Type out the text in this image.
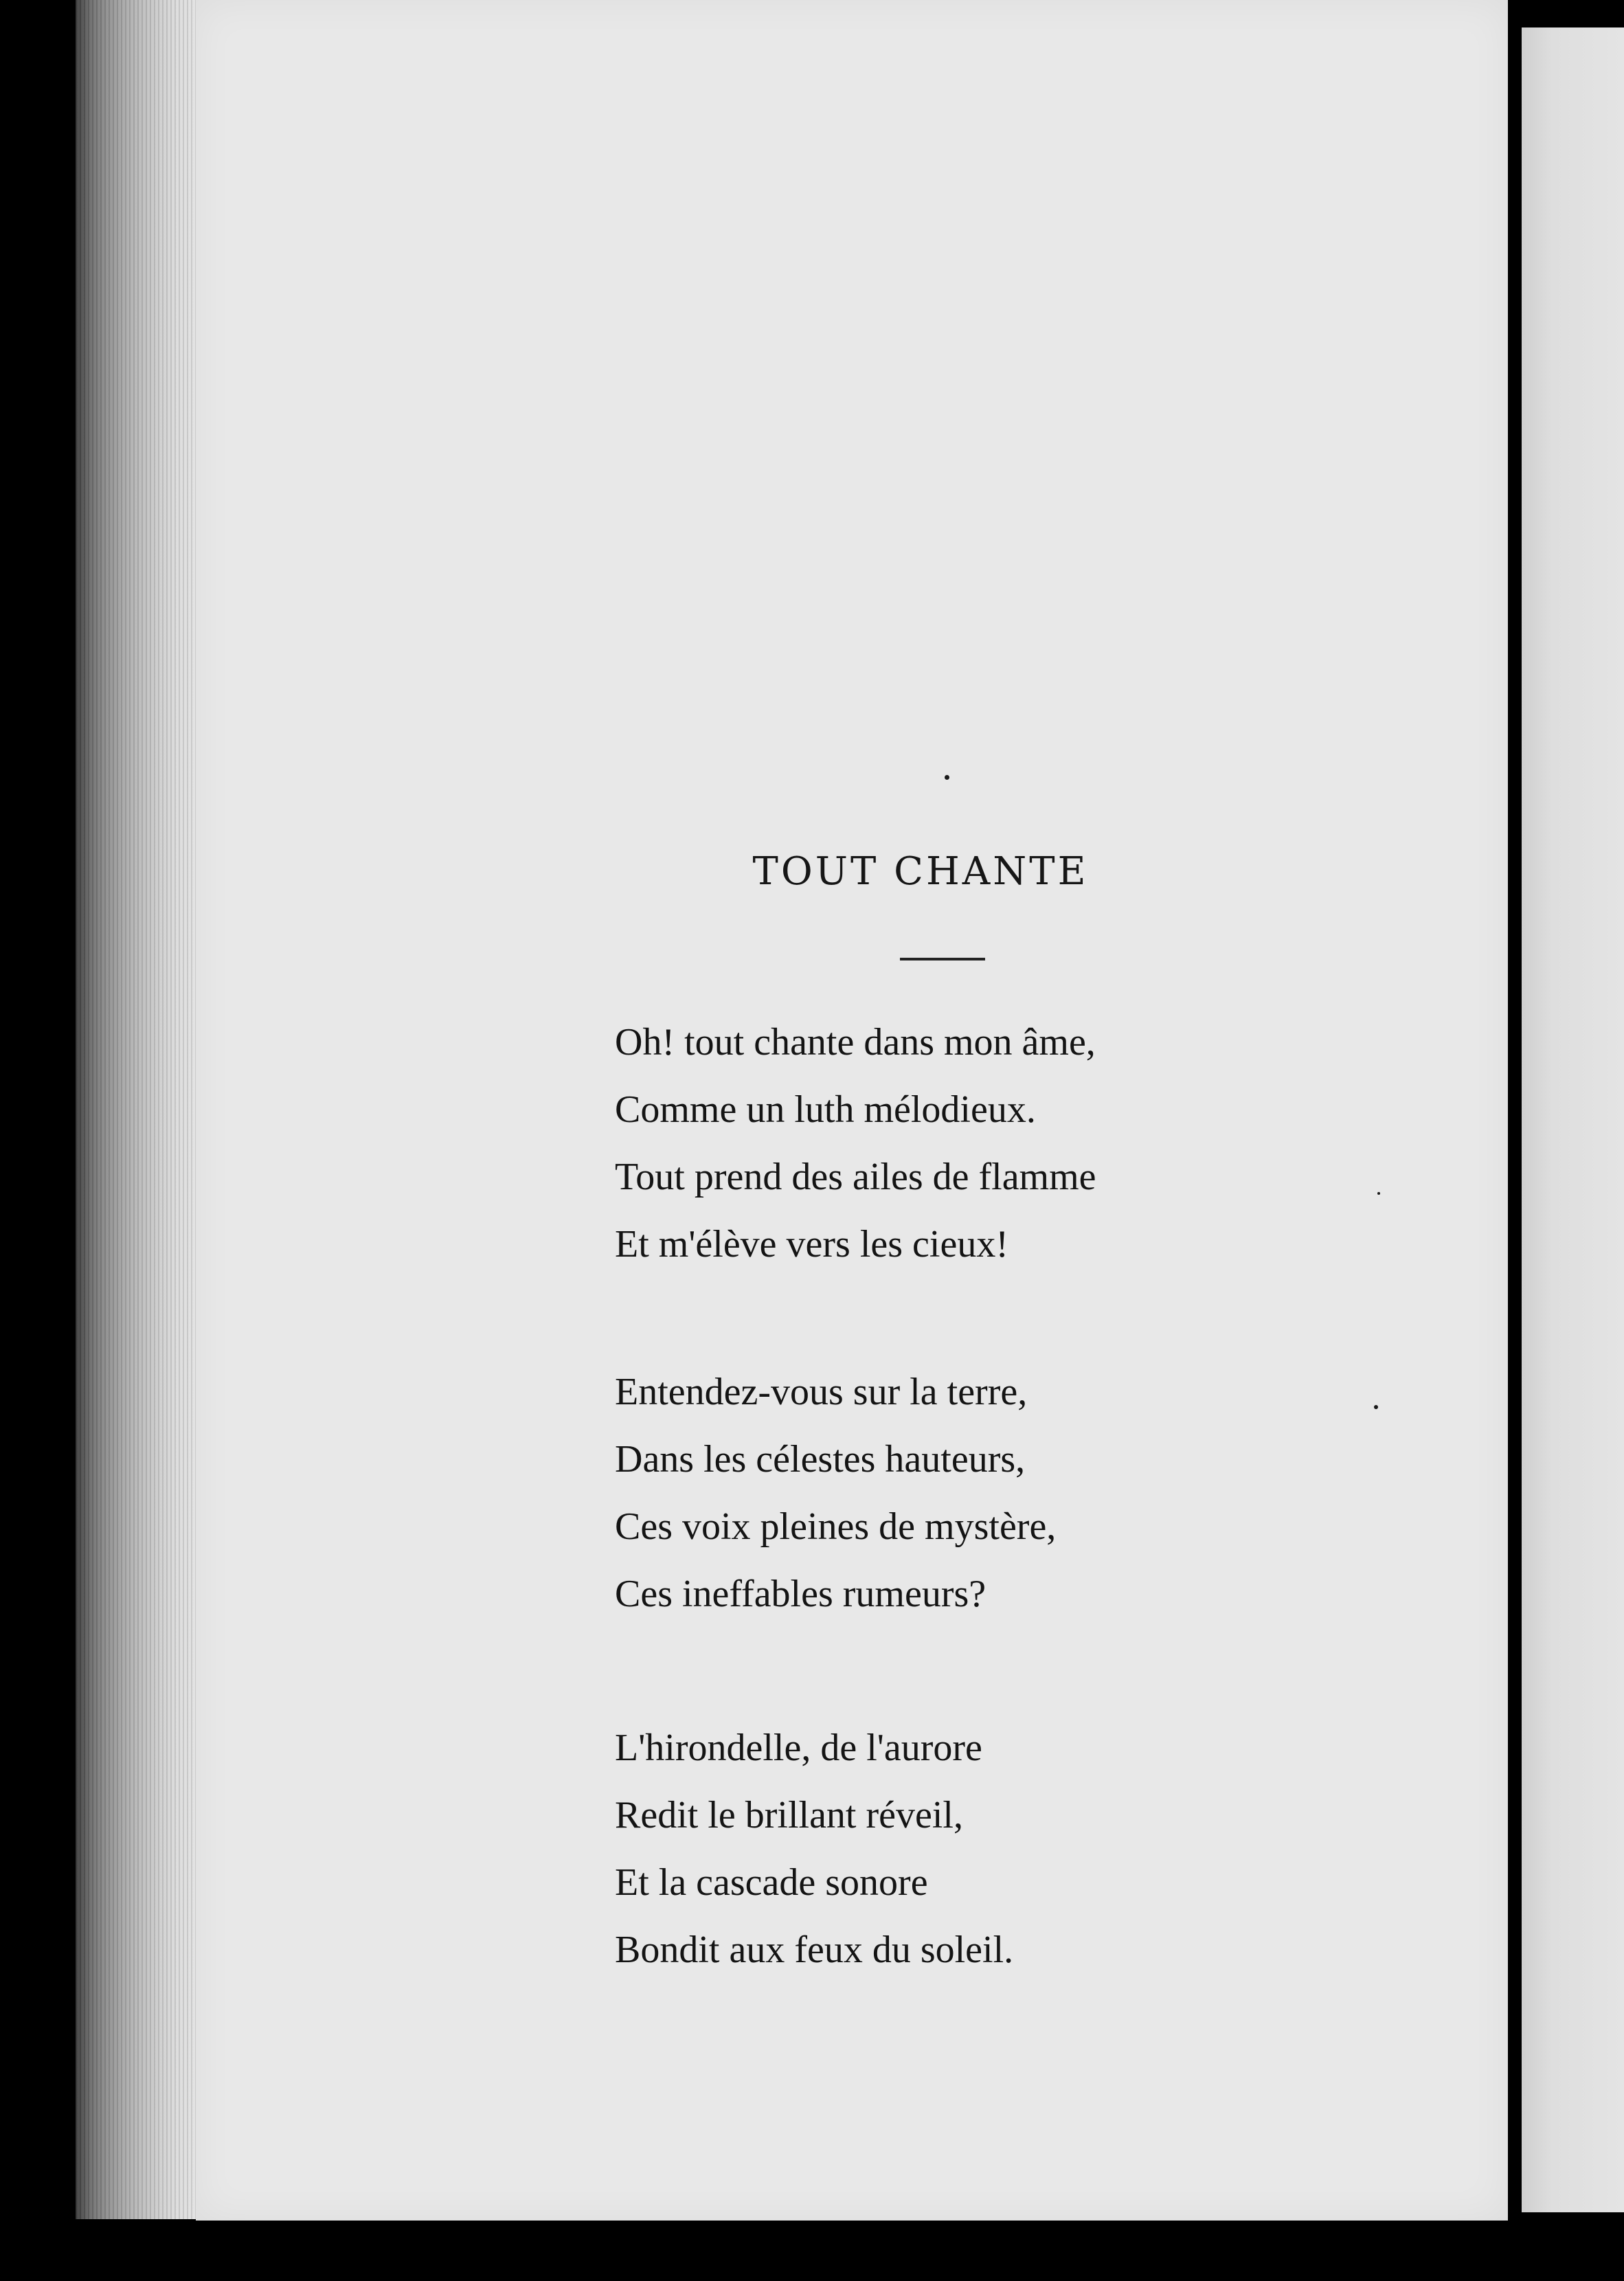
TOUT CHANTE
Oh! tout chante dans mon âme,
Comme un luth mélodieux.
Tout prend des ailes de flamme
Et m'élève vers les cieux!
Entendez-vous sur la terre,
Dans les célestes hauteurs,
Ces voix pleines de mystère,
Ces ineffables rumeurs?
L'hirondelle, de l'aurore
Redit le brillant réveil,
Et la cascade sonore
Bondit aux feux du soleil.
